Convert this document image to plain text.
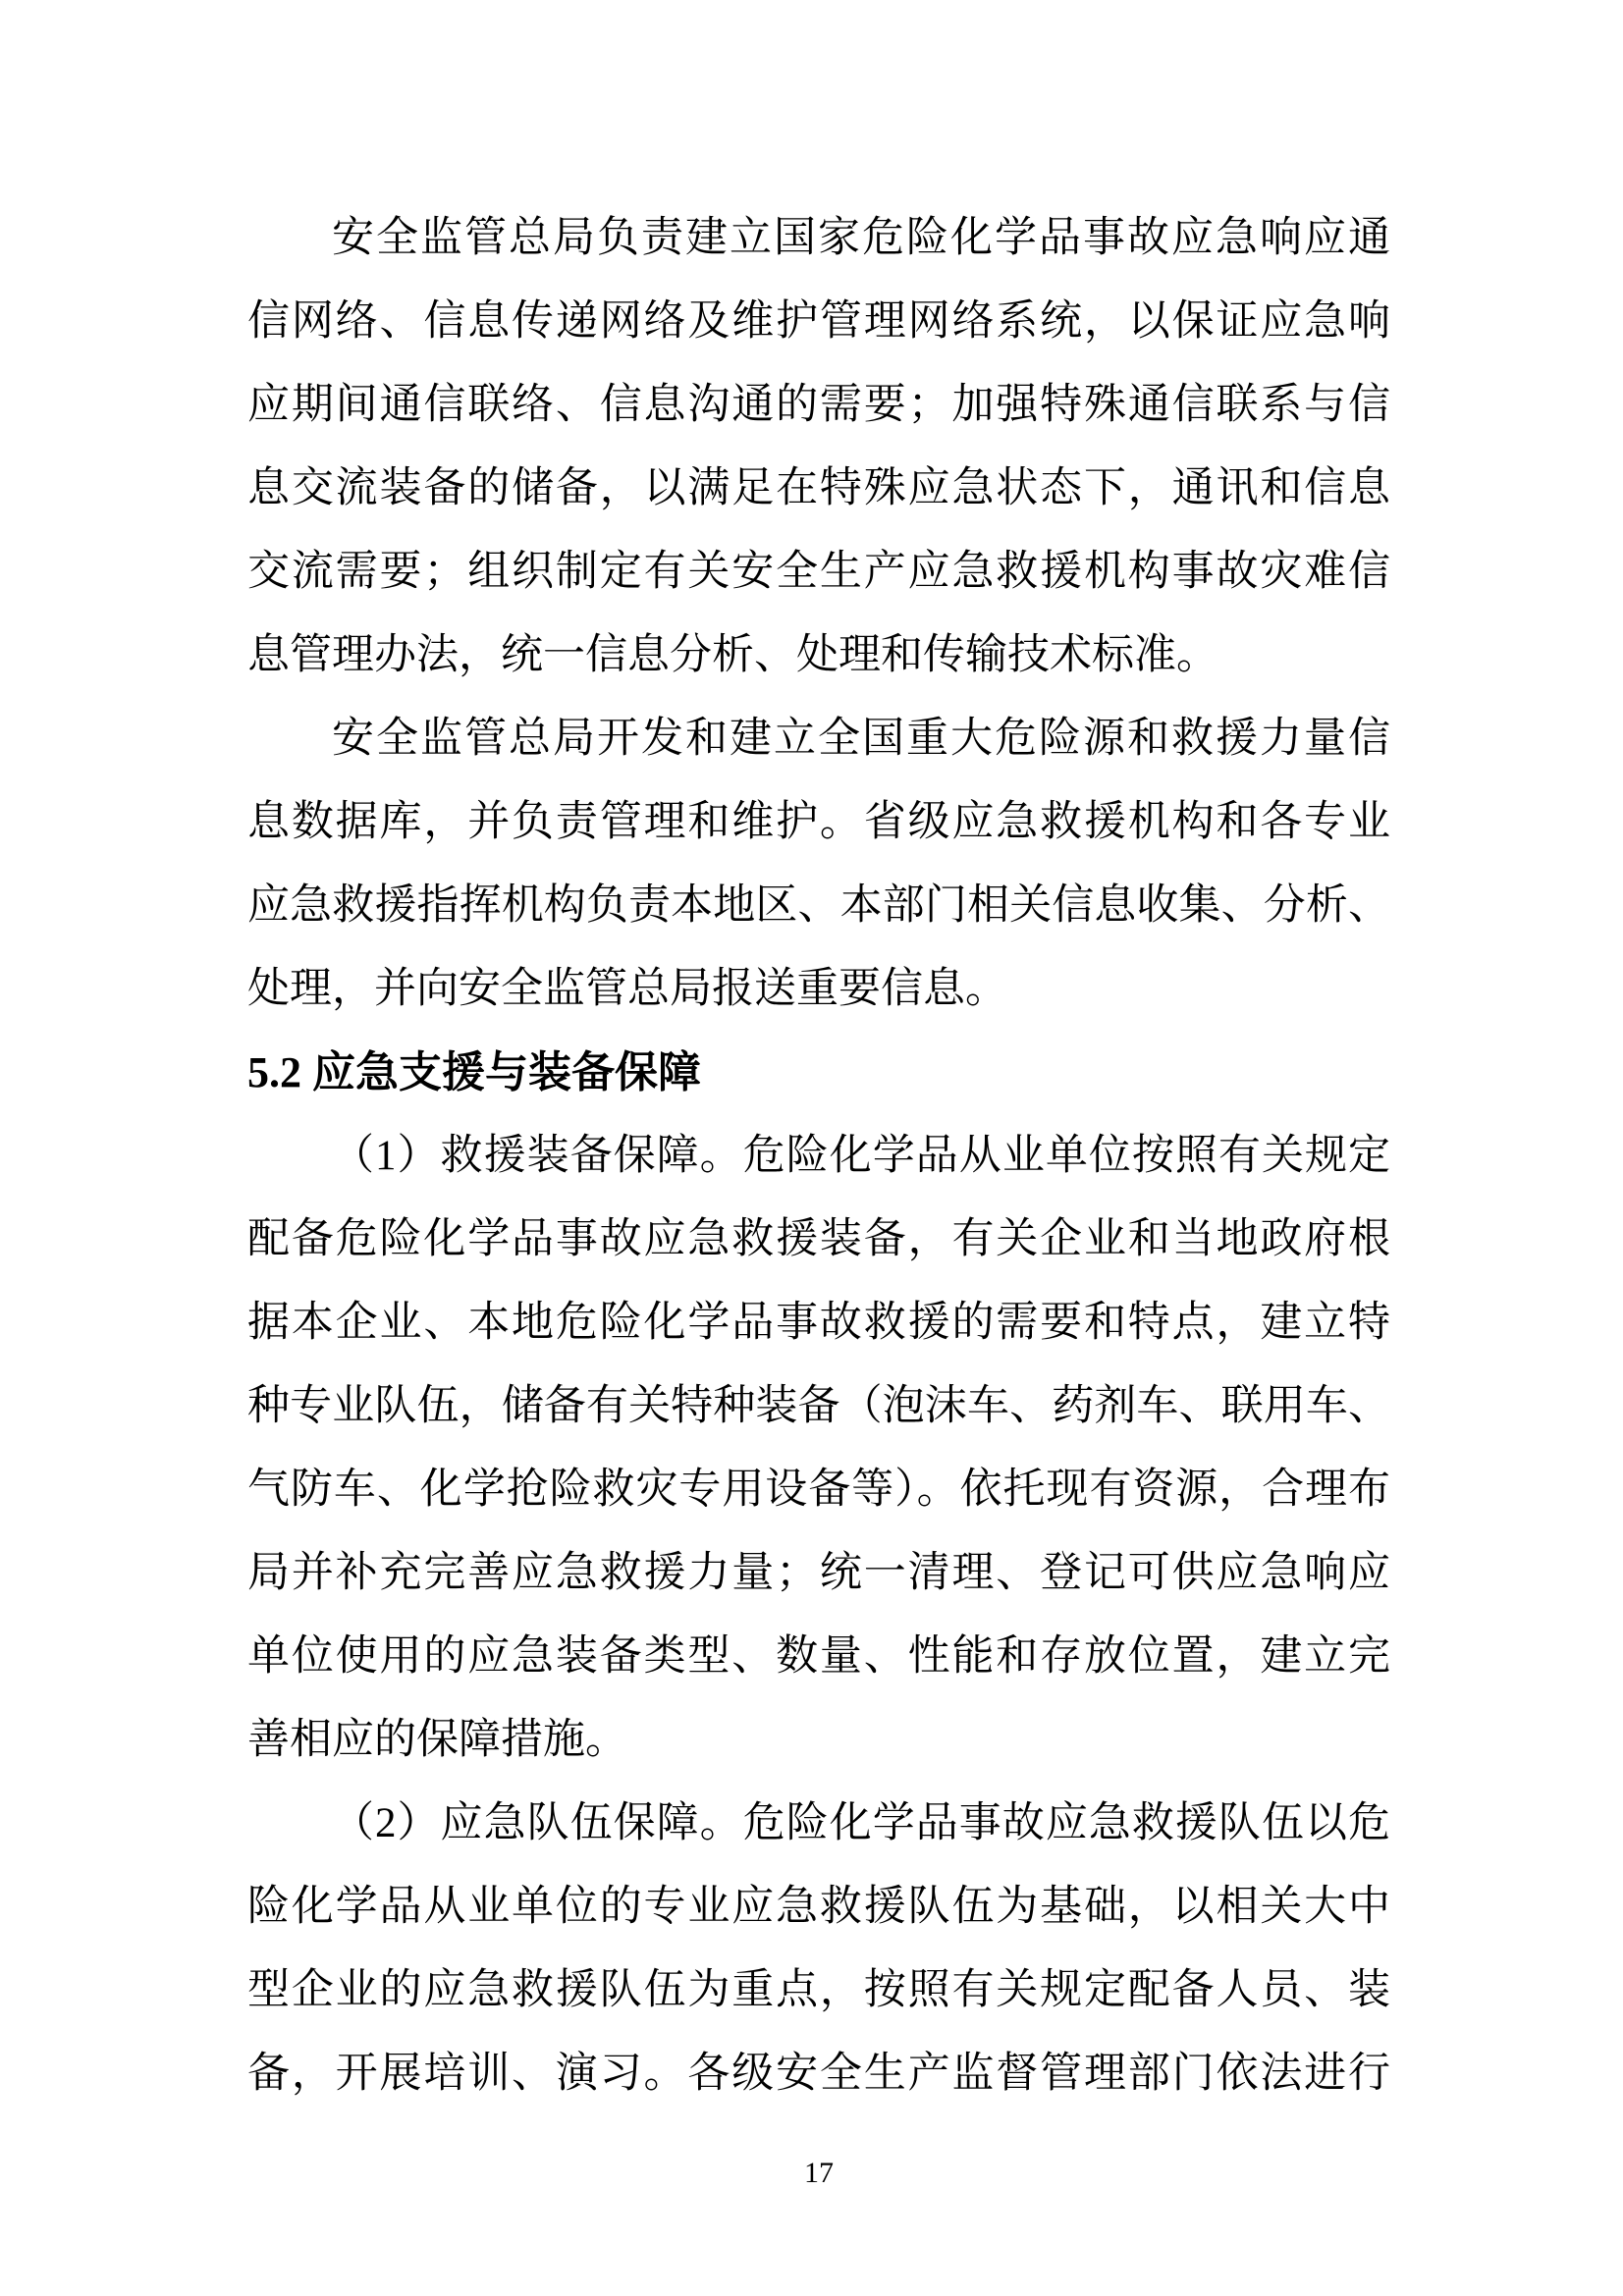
安全监管总局负责建立国家危险化学品事故应急响应通
信网络、信息传递网络及维护管理网络系统，以保证应急响
应期间通信联络、信息沟通的需要；加强特殊通信联系与信
息交流装备的储备，以满足在特殊应急状态下，通讯和信息
交流需要；组织制定有关安全生产应急救援机构事故灾难信
息管理办法，统一信息分析、处理和传输技术标准。
安全监管总局开发和建立全国重大危险源和救援力量信
息数据库，并负责管理和维护。省级应急救援机构和各专业
应急救援指挥机构负责本地区、本部门相关信息收集、分析、
处理，并向安全监管总局报送重要信息。
5.2 应急支援与装备保障
（1）救援装备保障。危险化学品从业单位按照有关规定
配备危险化学品事故应急救援装备，有关企业和当地政府根
据本企业、本地危险化学品事故救援的需要和特点，建立特
种专业队伍，储备有关特种装备（泡沫车、药剂车、联用车、
气防车、化学抢险救灾专用设备等）。依托现有资源，合理布
局并补充完善应急救援力量；统一清理、登记可供应急响应
单位使用的应急装备类型、数量、性能和存放位置，建立完
善相应的保障措施。
（2）应急队伍保障。危险化学品事故应急救援队伍以危
险化学品从业单位的专业应急救援队伍为基础，以相关大中
型企业的应急救援队伍为重点，按照有关规定配备人员、装
备，开展培训、演习。各级安全生产监督管理部门依法进行
17
